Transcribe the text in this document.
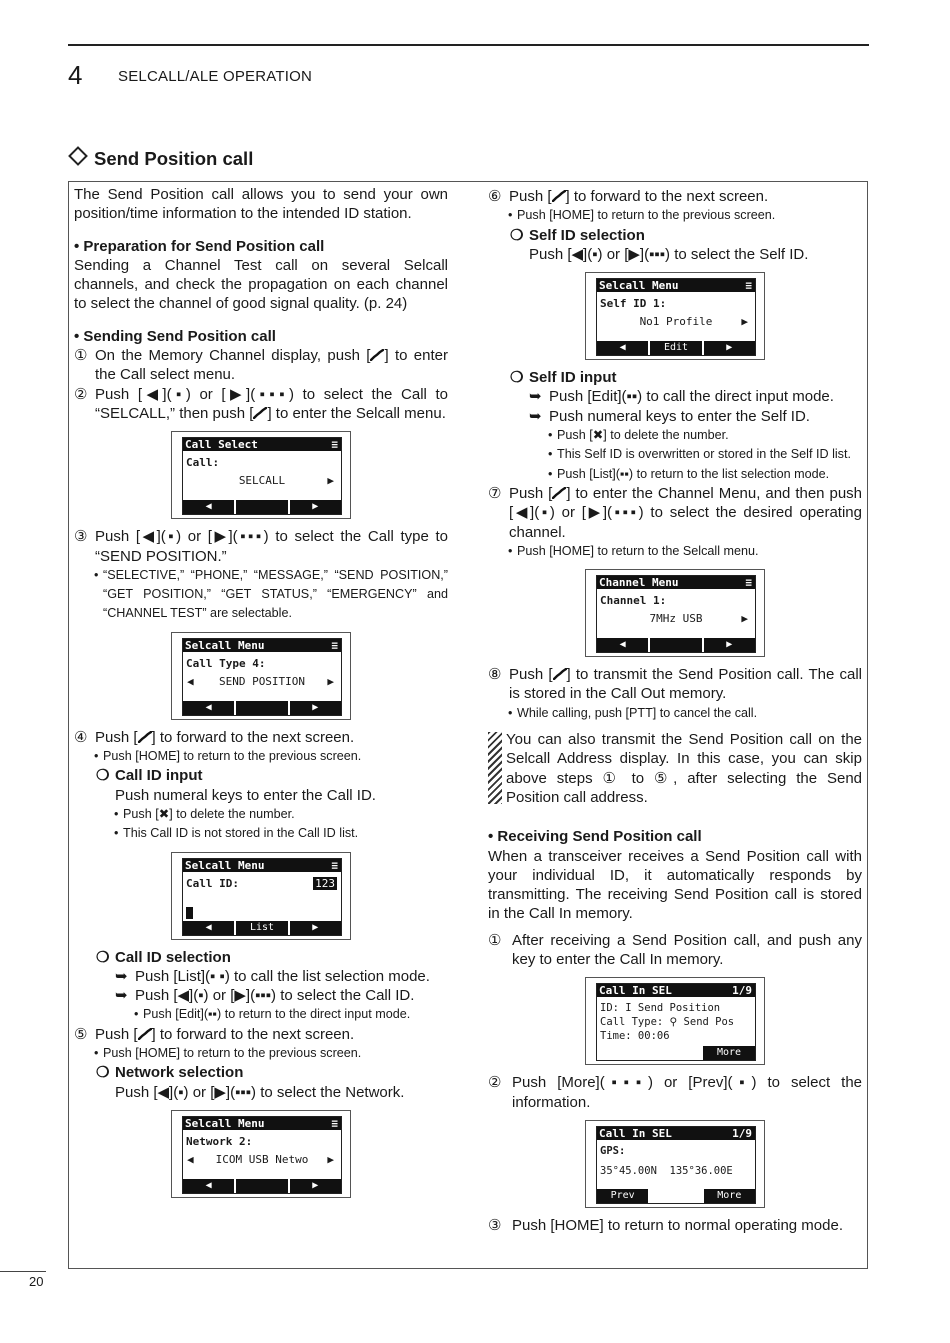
4 SELCALL/ALE OPERATION
Send Position call
20

The Send Position call allows you to send your own position/time information to the intended ID station.

• Preparation for Send Position call

Sending a Channel Test call on several Selcall channels, and check the propagation on each channel to select the channel of good signal quality. (p. 24)

• Sending Send Position call

① On the Memory Channel display, push [ ] to enter the Call select menu.

② Push [◀](▪) or [▶](▪▪▪) to select the Call to “SELCALL,” then push [ ] to enter the Selcall menu.

Call Select	≡
Call:
SELCALL	▶
◀	▶

③ Push [◀](▪) or [▶](▪▪▪) to select the Call type to “SEND POSITION.”

• “SELECTIVE,” “PHONE,” “MESSAGE,” “SEND POSITION,” “GET POSITION,” “GET STATUS,” “EMERGENCY” and “CHANNEL TEST” are selectable.

Selcall Menu	≡
Call Type 4:
◀ SEND POSITION ▶
◀	▶

④ Push [ ] to forward to the next screen.

• Push [HOME] to return to the previous screen.

❍ Call ID input

Push numeral keys to enter the Call ID.

• Push [✖] to delete the number.

• This Call ID is not stored in the Call ID list.

Selcall Menu	≡
Call ID:	123
◀	List	▶

❍ Call ID selection

➥ Push [List](▪ ▪) to call the list selection mode.

➥ Push [◀](▪) or [▶](▪▪▪) to select the Call ID.

• Push [Edit](▪▪) to return to the direct input mode.

⑤ Push [ ] to forward to the next screen.

• Push [HOME] to return to the previous screen.

❍ Network selection

Push [◀](▪) or [▶](▪▪▪) to select the Network.

Selcall Menu	≡
Network 2:
◀ ICOM USB Netwo ▶
◀	▶

⑥ Push [ ] to forward to the next screen.

• Push [HOME] to return to the previous screen.

❍ Self ID selection

Push [◀](▪) or [▶](▪▪▪) to select the Self ID.

Selcall Menu	≡
Self ID 1:
No1 Profile	▶
◀	Edit	▶

❍ Self ID input

➥ Push [Edit](▪▪) to call the direct input mode.

➥ Push numeral keys to enter the Self ID.

• Push [✖] to delete the number.

• This Self ID is overwritten or stored in the Self ID list.

• Push [List](▪▪) to return to the list selection mode.

⑦ Push [ ] to enter the Channel Menu, and then push [◀](▪) or [▶](▪▪▪) to select the desired operating channel.

• Push [HOME] to return to the Selcall menu.

Channel Menu	≡
Channel 1:
7MHz USB	▶
◀	▶

⑧ Push [ ] to transmit the Send Position call. The call is stored in the Call Out memory.

• While calling, push [PTT] to cancel the call.

You can also transmit the Send Position call on the Selcall Address display. In this case, you can skip above steps ① to ⑤, after selecting the Send Position call address.

• Receiving Send Position call

When a transceiver receives a Send Position call with your individual ID, it automatically responds by transmitting. The receiving Send Position call is stored in the Call In memory.

① After receiving a Send Position call, and push any key to enter the Call In memory.

Call In SEL	1/9
ID: I Send Position
Call Type: ⚲ Send Pos
Time: 00:06
More

② Push [More](▪▪▪) or [Prev](▪) to select the information.

Call In SEL	1/9
GPS:
35°45.00N  135°36.00E
Prev	More

③ Push [HOME] to return to normal operating mode.
